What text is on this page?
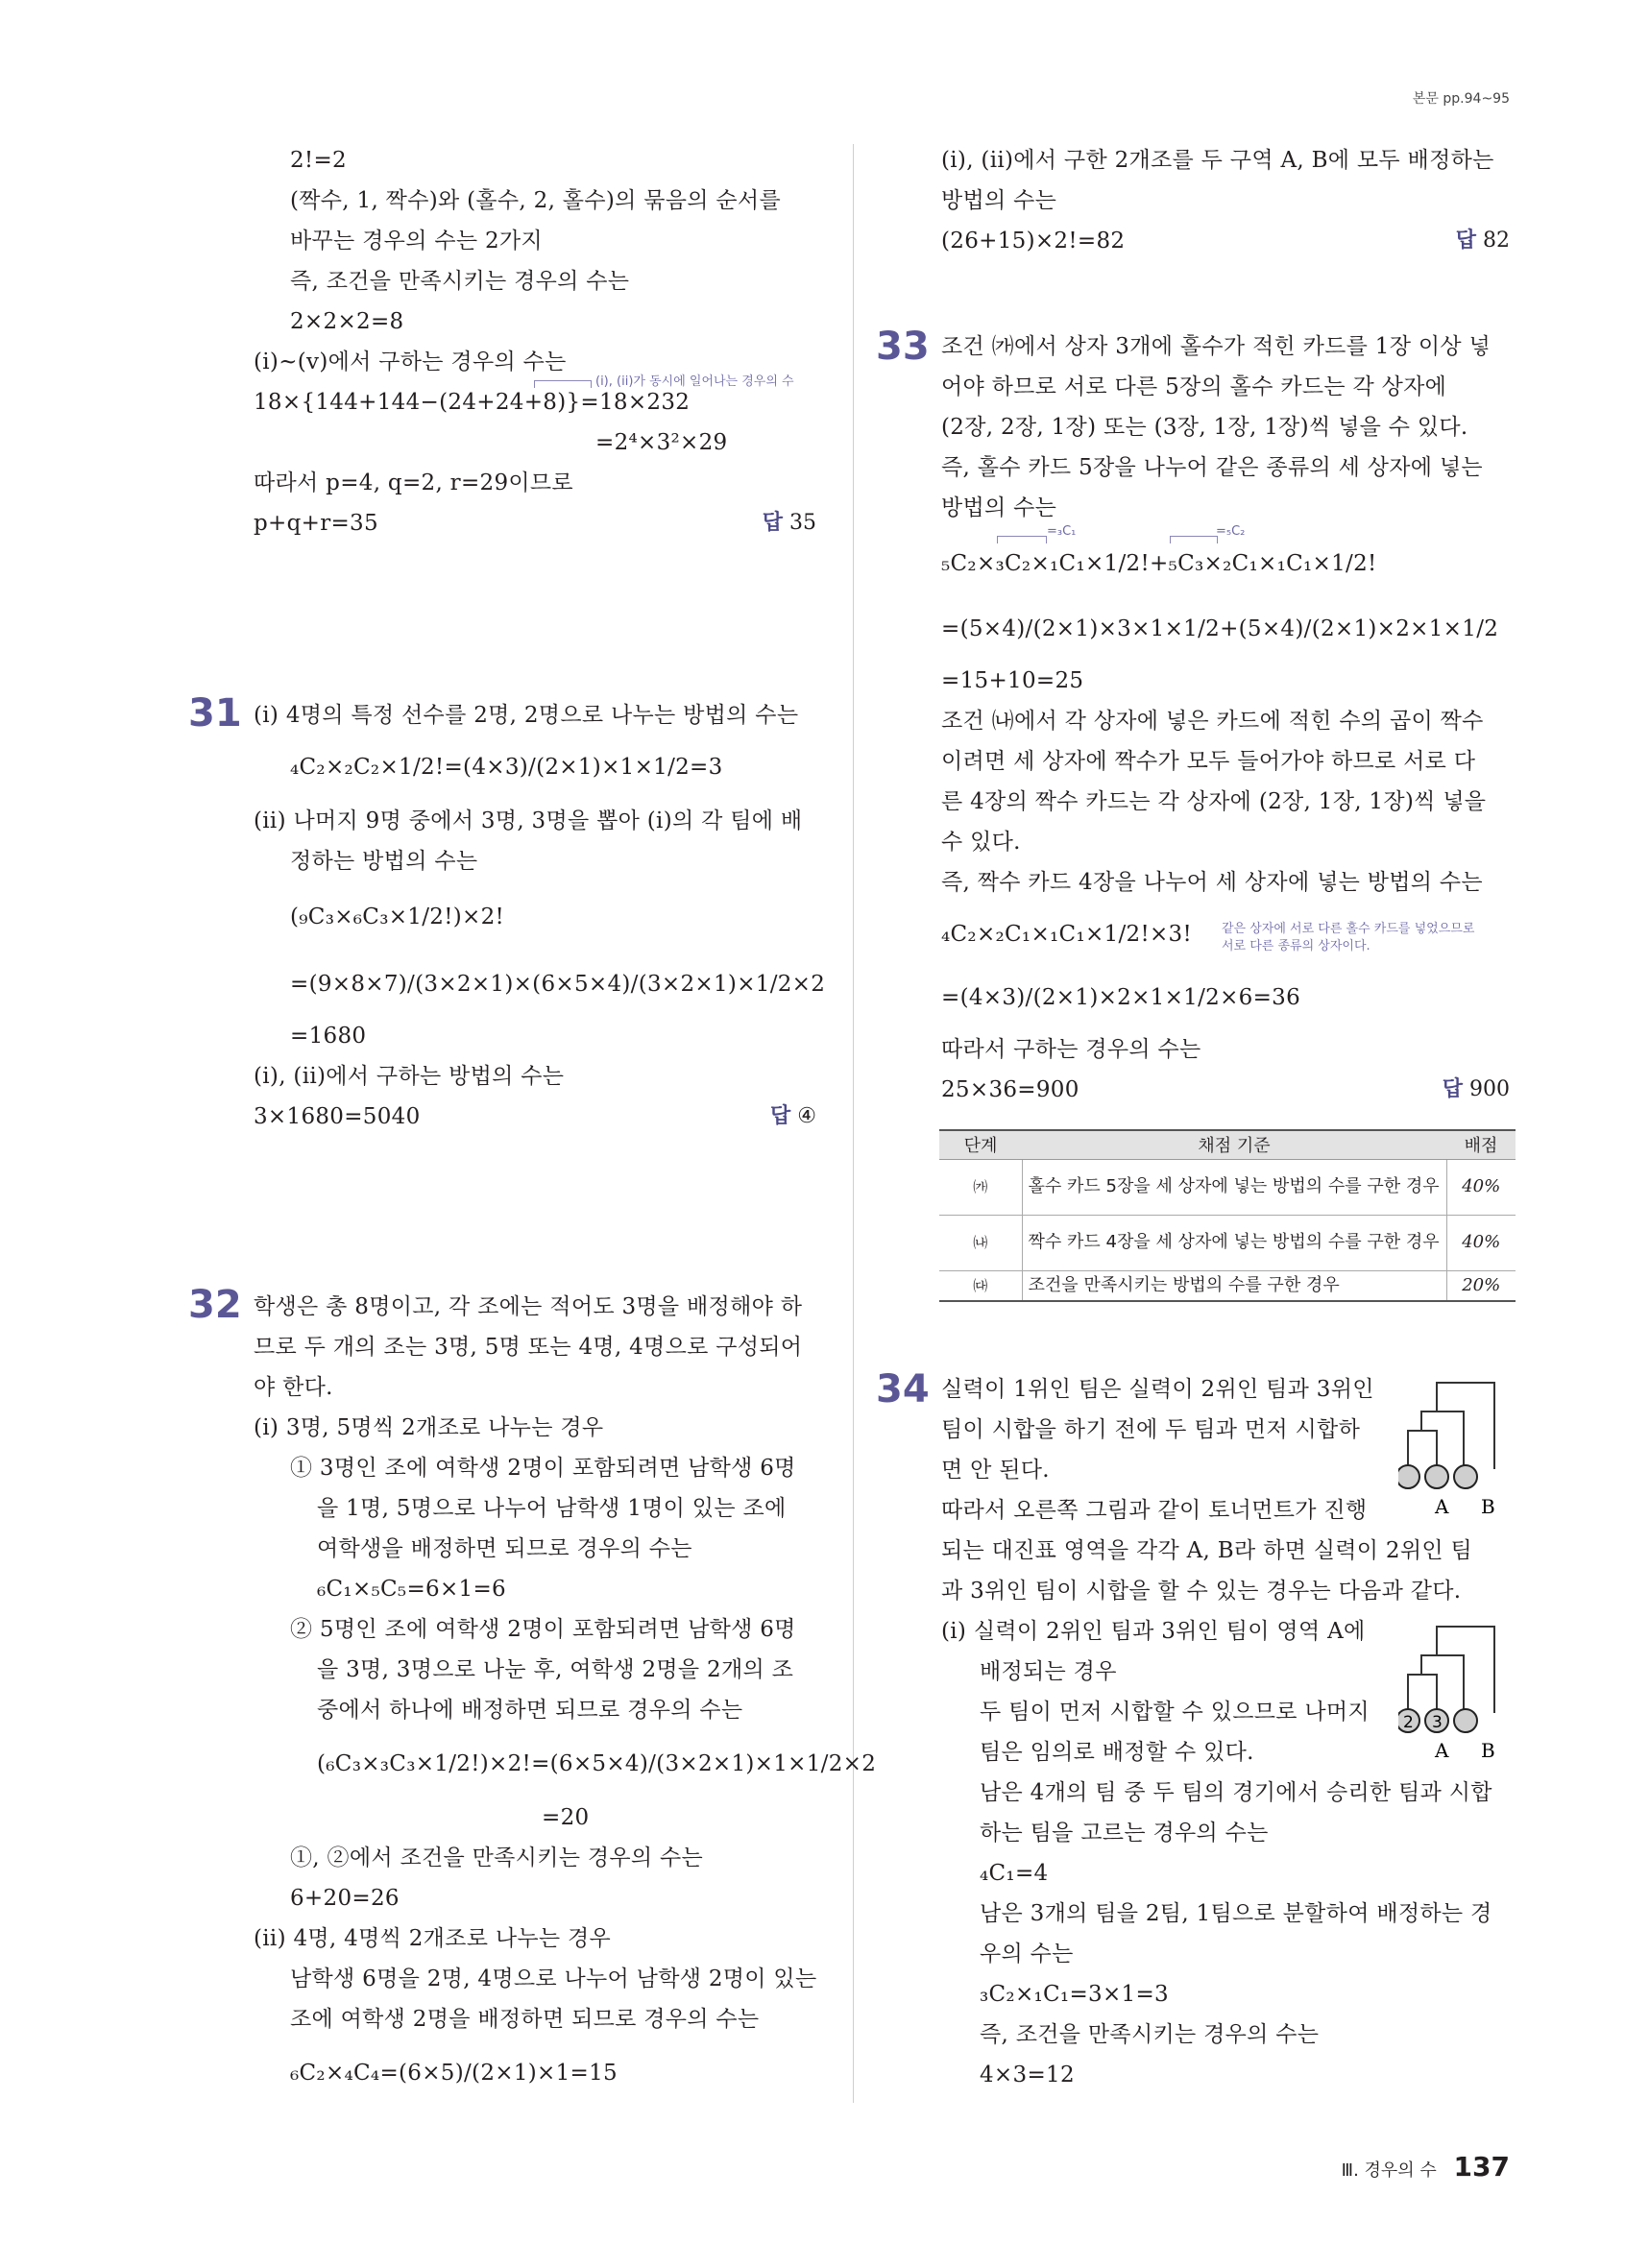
본문 pp.94~95
2!=2
(짝수, 1, 짝수)와 (홀수, 2, 홀수)의 묶음의 순서를
바꾸는 경우의 수는 2가지
즉, 조건을 만족시키는 경우의 수는
2×2×2=8
(i)~(v)에서 구하는 경우의 수는
(i), (ii)가 동시에 일어나는 경우의 수
18×{144+144−(24+24+8)}=18×232
=2⁴×3²×29
따라서 p=4, q=2, r=29이므로
p+q+r=35	답 35
31 (i) 4명의 특정 선수를 2명, 2명으로 나누는 방법의 수는
₄C₂×₂C₂×1/2!=(4×3)/(2×1)×1×1/2=3
(ii) 나머지 9명 중에서 3명, 3명을 뽑아 (i)의 각 팀에 배
정하는 방법의 수는
(₉C₃×₆C₃×1/2!)×2!
=(9×8×7)/(3×2×1)×(6×5×4)/(3×2×1)×1/2×2
=1680
(i), (ii)에서 구하는 방법의 수는
3×1680=5040	답 ④
32 학생은 총 8명이고, 각 조에는 적어도 3명을 배정해야 하
므로 두 개의 조는 3명, 5명 또는 4명, 4명으로 구성되어
야 한다.
(i) 3명, 5명씩 2개조로 나누는 경우
① 3명인 조에 여학생 2명이 포함되려면 남학생 6명
을 1명, 5명으로 나누어 남학생 1명이 있는 조에
여학생을 배정하면 되므로 경우의 수는
₆C₁×₅C₅=6×1=6
② 5명인 조에 여학생 2명이 포함되려면 남학생 6명
을 3명, 3명으로 나눈 후, 여학생 2명을 2개의 조
중에서 하나에 배정하면 되므로 경우의 수는
(₆C₃×₃C₃×1/2!)×2!=(6×5×4)/(3×2×1)×1×1/2×2
=20
①, ②에서 조건을 만족시키는 경우의 수는
6+20=26
(ii) 4명, 4명씩 2개조로 나누는 경우
남학생 6명을 2명, 4명으로 나누어 남학생 2명이 있는
조에 여학생 2명을 배정하면 되므로 경우의 수는
₆C₂×₄C₄=(6×5)/(2×1)×1=15
(i), (ii)에서 구한 2개조를 두 구역 A, B에 모두 배정하는
방법의 수는
(26+15)×2!=82	답 82
33 조건 ㈎에서 상자 3개에 홀수가 적힌 카드를 1장 이상 넣
어야 하므로 서로 다른 5장의 홀수 카드는 각 상자에
(2장, 2장, 1장) 또는 (3장, 1장, 1장)씩 넣을 수 있다.
즉, 홀수 카드 5장을 나누어 같은 종류의 세 상자에 넣는
방법의 수는
=₃C₁	=₅C₂
₅C₂×₃C₂×₁C₁×1/2!+₅C₃×₂C₁×₁C₁×1/2!
=(5×4)/(2×1)×3×1×1/2+(5×4)/(2×1)×2×1×1/2
=15+10=25
조건 ㈏에서 각 상자에 넣은 카드에 적힌 수의 곱이 짝수
이려면 세 상자에 짝수가 모두 들어가야 하므로 서로 다
른 4장의 짝수 카드는 각 상자에 (2장, 1장, 1장)씩 넣을
수 있다.
즉, 짝수 카드 4장을 나누어 세 상자에 넣는 방법의 수는
₄C₂×₂C₁×₁C₁×1/2!×3! 같은 상자에 서로 다른 홀수 카드를 넣었으므로
서로 다른 종류의 상자이다.
=(4×3)/(2×1)×2×1×1/2×6=36
따라서 구하는 경우의 수는
25×36=900	답 900
단계	채점 기준	배점
㈎	홀수 카드 5장을 세 상자에 넣는 방법의 수를 구한 경우	40%
㈏	짝수 카드 4장을 세 상자에 넣는 방법의 수를 구한 경우	40%
㈐	조건을 만족시키는 방법의 수를 구한 경우	20%
34 실력이 1위인 팀은 실력이 2위인 팀과 3위인
팀이 시합을 하기 전에 두 팀과 먼저 시합하
면 안 된다.
따라서 오른쪽 그림과 같이 토너먼트가 진행
되는 대진표 영역을 각각 A, B라 하면 실력이 2위인 팀
과 3위인 팀이 시합을 할 수 있는 경우는 다음과 같다.
(i) 실력이 2위인 팀과 3위인 팀이 영역 A에
배정되는 경우
두 팀이 먼저 시합할 수 있으므로 나머지
팀은 임의로 배정할 수 있다.
남은 4개의 팀 중 두 팀의 경기에서 승리한 팀과 시합
하는 팀을 고르는 경우의 수는
₄C₁=4
남은 3개의 팀을 2팀, 1팀으로 분할하여 배정하는 경
우의 수는
₃C₂×₁C₁=3×1=3
즉, 조건을 만족시키는 경우의 수는
4×3=12
A B
2 3
A B
Ⅲ. 경우의 수 137
